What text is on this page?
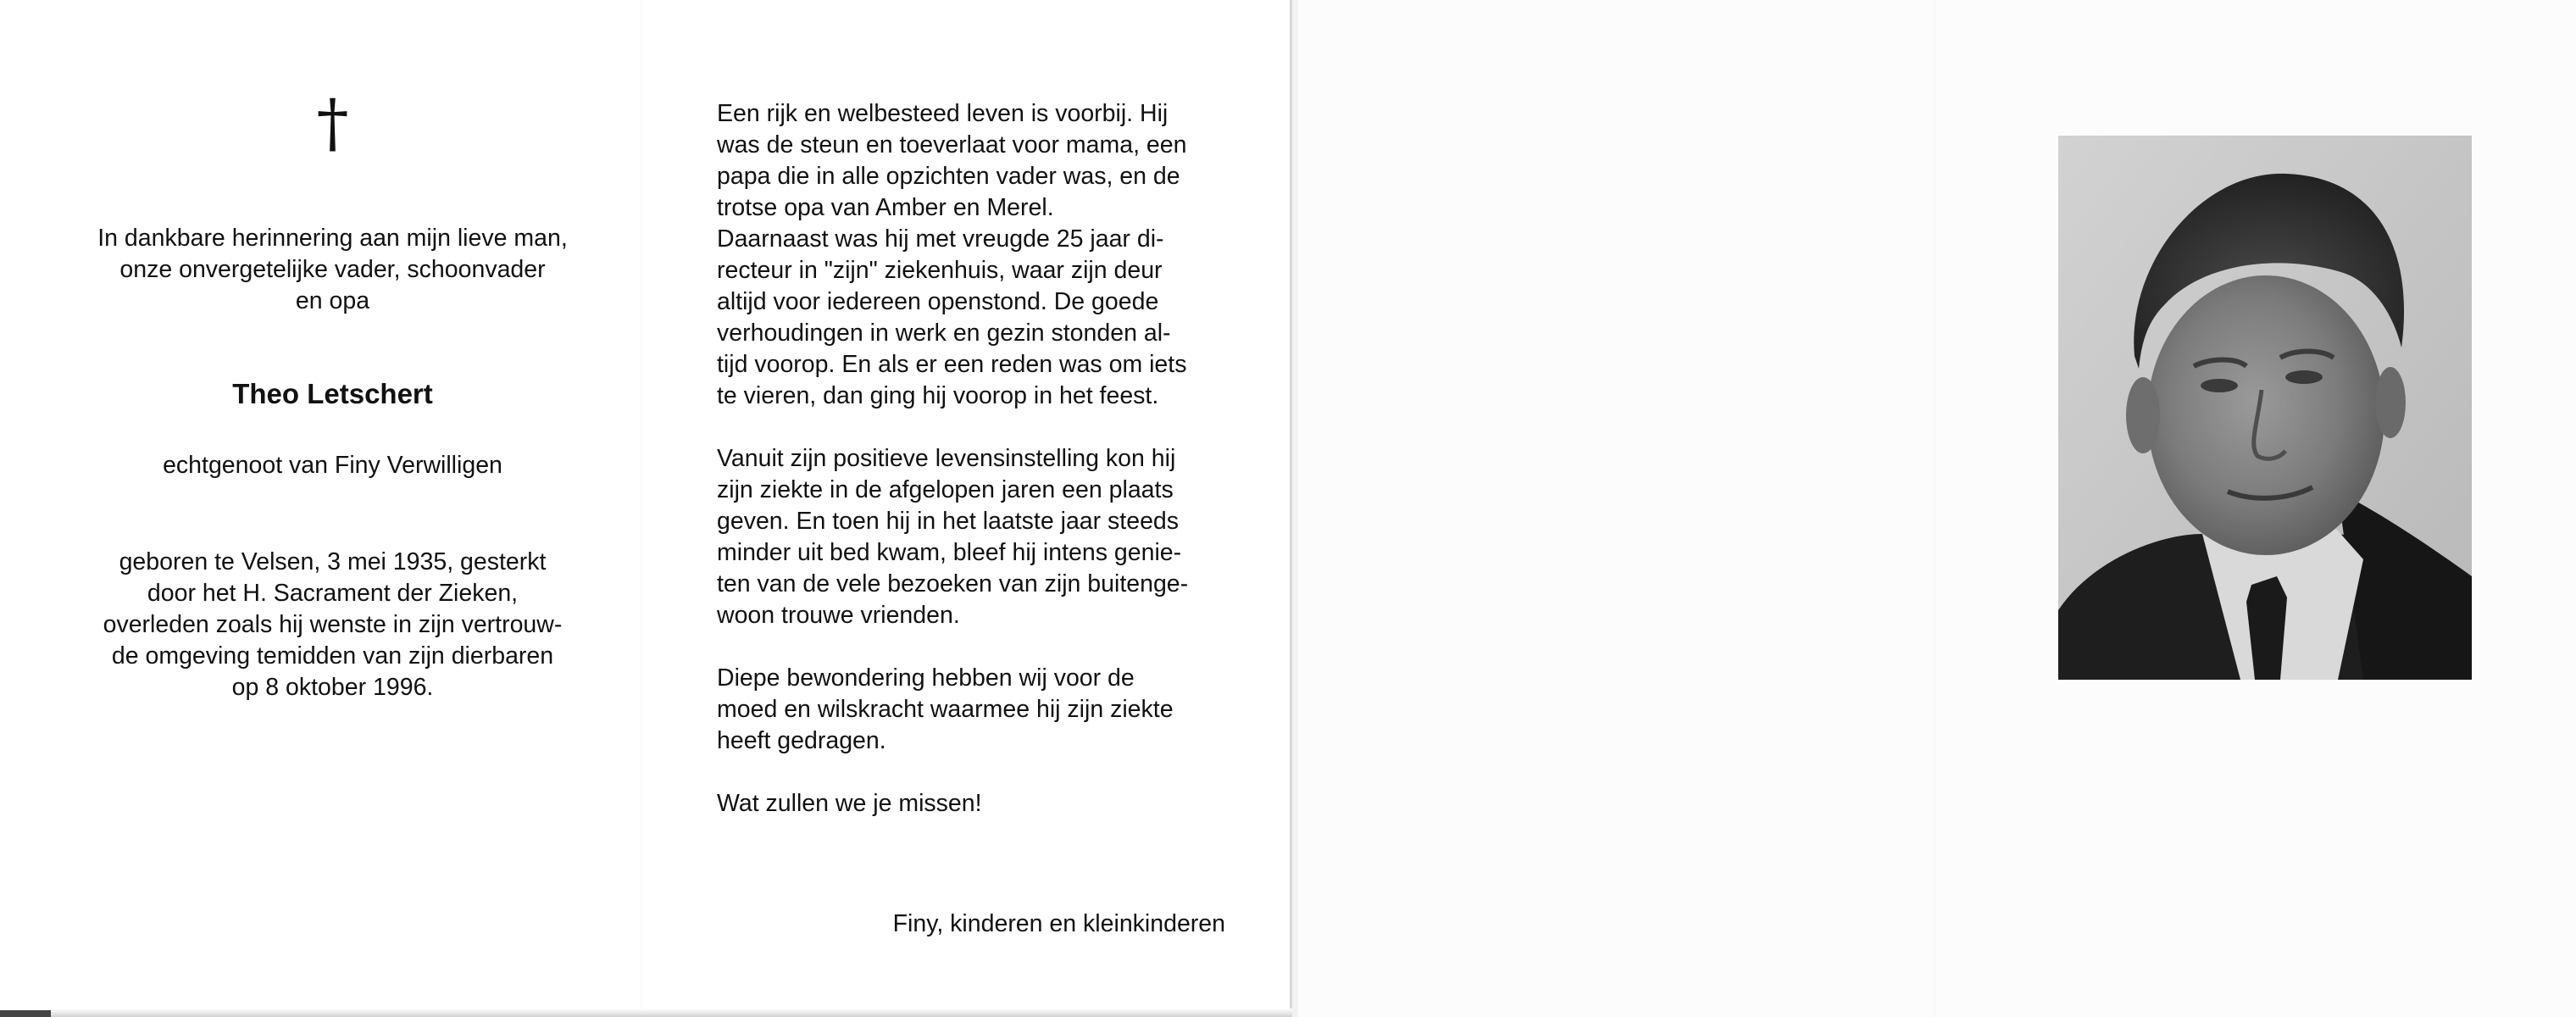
†
In dankbare herinnering aan mijn lieve man,
onze onvergetelijke vader, schoonvader
en opa
Theo Letschert
echtgenoot van Finy Verwilligen
geboren te Velsen, 3 mei 1935, gesterkt
door het H. Sacrament der Zieken,
overleden zoals hij wenste in zijn vertrouw-
de omgeving temidden van zijn dierbaren
op 8 oktober 1996.

Een rijk en welbesteed leven is voorbij. Hij
was de steun en toeverlaat voor mama, een
papa die in alle opzichten vader was, en de
trotse opa van Amber en Merel.

Daarnaast was hij met vreugde 25 jaar di-
recteur in "zijn" ziekenhuis, waar zijn deur
altijd voor iedereen openstond. De goede
verhoudingen in werk en gezin stonden al-
tijd voorop. En als er een reden was om iets
te vieren, dan ging hij voorop in het feest.

Vanuit zijn positieve levensinstelling kon hij
zijn ziekte in de afgelopen jaren een plaats
geven. En toen hij in het laatste jaar steeds
minder uit bed kwam, bleef hij intens genie-
ten van de vele bezoeken van zijn buitenge-
woon trouwe vrienden.

Diepe bewondering hebben wij voor de
moed en wilskracht waarmee hij zijn ziekte
heeft gedragen.

Wat zullen we je missen!

Finy, kinderen en kleinkinderen
